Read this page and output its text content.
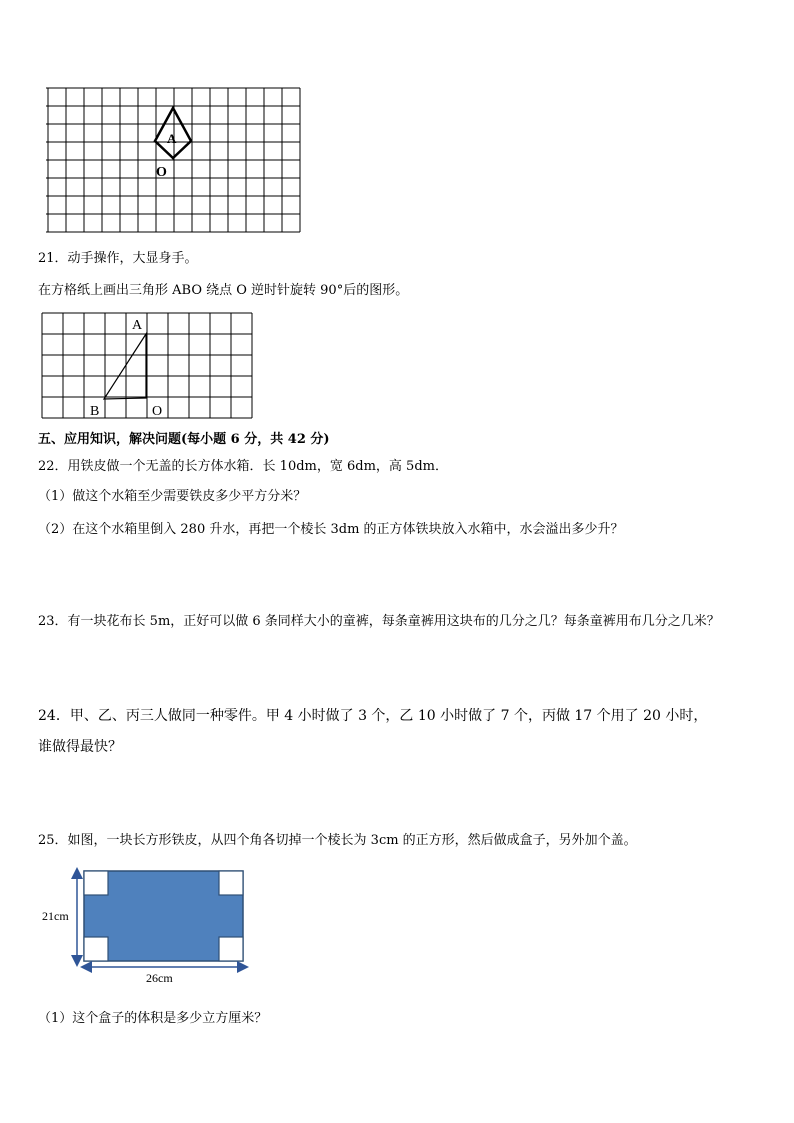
A
O
21．动手操作，大显身手。
在方格纸上画出三角形 ABO 绕点 O 逆时针旋转 90°后的图形。
A
B	O
五、应用知识，解决问题(每小题 6 分，共 42 分)
22．用铁皮做一个无盖的长方体水箱．长 10dm，宽 6dm，高 5dm．
（1）做这个水箱至少需要铁皮多少平方分米？
（2）在这个水箱里倒入 280 升水，再把一个棱长 3dm 的正方体铁块放入水箱中，水会溢出多少升？
23．有一块花布长 5m，正好可以做 6 条同样大小的童裤，每条童裤用这块布的几分之几？每条童裤用布几分之几米？
24．甲、乙、丙三人做同一种零件。甲 4 小时做了 3 个，乙 10 小时做了 7 个，丙做 17 个用了 20 小时，
谁做得最快？
25．如图，一块长方形铁皮，从四个角各切掉一个棱长为 3cm 的正方形，然后做成盒子，另外加个盖。
21cm
26cm
（1）这个盒子的体积是多少立方厘米？
